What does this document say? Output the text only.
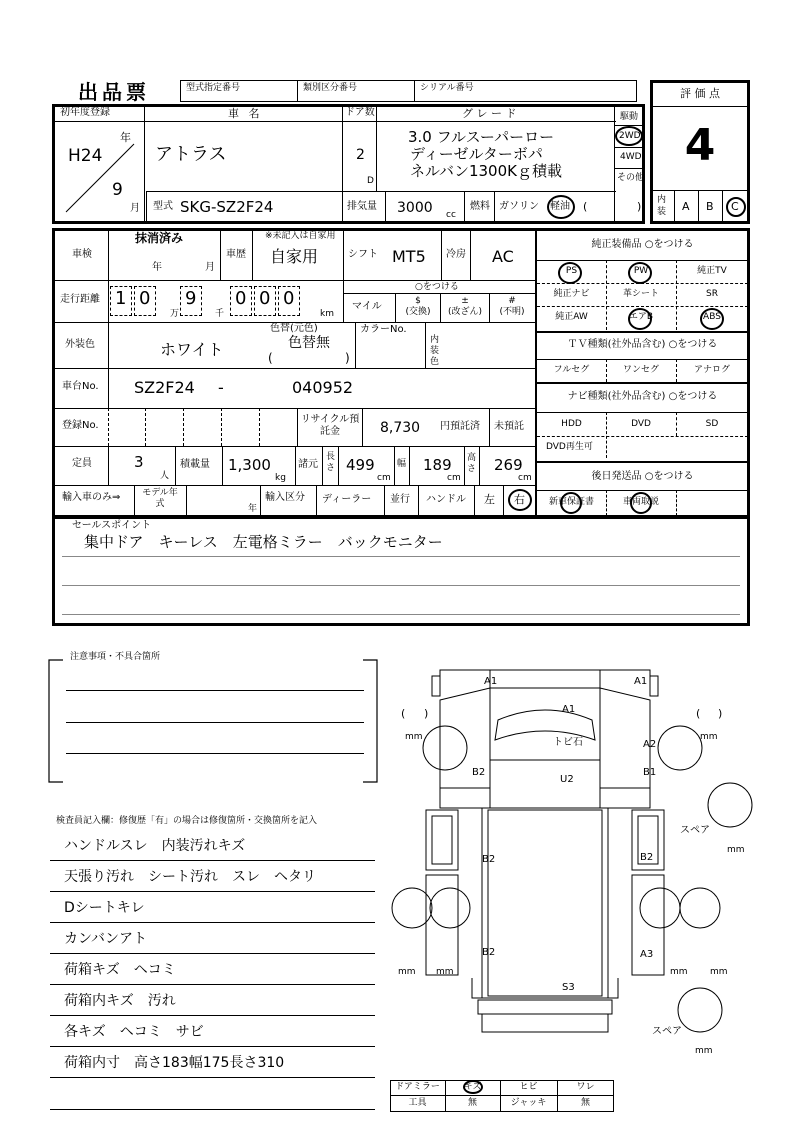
出品票	型式指定番号	類別区分番号	シリアル番号	評 価 点
4
内装 A B C
初年度登録
年
H24
9
月
車 名
アトラス
ドア数
2
D
グ レ ー ド
3.0 フルスーパーロー
ディーゼルターボパ
ネルバン1300Kｇ積載
駆動
2WD
4WD
その他
型式 SKG-SZ2F24	排気量 3000 cc
燃料 ガソリン 軽油 (	)
車検
抹消済み
年	月
車歴
※未記入は自家用
自家用	シフト MT5 冷房 AC
走行距離 1 0
万
9
千
0 0 0
km
○をつける
マイル	$
(交換)
±
(改ざん)
#
(不明)
外装色	ホワイト
色替(元色)
色替無
(	)
カラーNo.
内装色
車台No. SZ2F24 -	040952
登録No.
リサイクル預託金	8,730 円預託済 未預託
定員	3
人
積載量 1,300
kg
諸元
長さ 499
cm
幅 189
cm
高さ 269
cm
輸入車のみ⇒	モデル年式	年
輸入区分 ディーラー 並行 ハンドル 左 右
純正装備品 ○をつける
PS	PW	純正TV
純正ナビ	革シート	SR
純正AW	エアB	ABS
ＴＶ種類(社外品含む) ○をつける
フルセグ	ワンセグ	アナログ
ナビ種類(社外品含む) ○をつける
HDD	DVD	SD
DVD再生可
後日発送品 ○をつける
新車保証書	車両取説
セールスポイント
集中ドア　キーレス　左電格ミラー　バックモニター
注意事項・不具合箇所
検査員記入欄：修復歴「有」の場合は修復箇所・交換箇所を記入
ハンドルスレ　内装汚れキズ
天張り汚れ　シート汚れ　スレ　ヘタリ
Dシートキレ
カンバンアト
荷箱キズ　ヘコミ
荷箱内キズ　汚れ
各キズ　ヘコミ　サビ
荷箱内寸　高さ183幅175長さ310
A1	A1
A1
トビ石	A2
B2
U2
B1
B2	B2
B2	A3
S3
mm	mm
mm mm	mm mm
mm
mm
スペア
スペア
( )	( )
ドアミラー	キズ	ヒビ	ワレ
工具	無	ジャッキ	無
